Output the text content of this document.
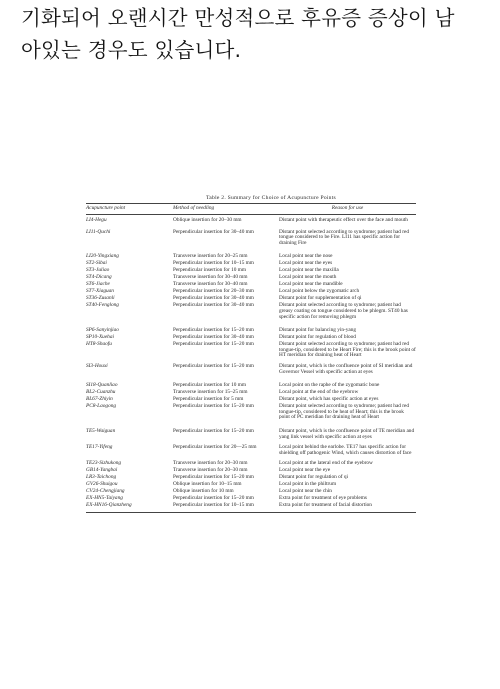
기화되어 오랜시간 만성적으로 후유증 증상이 남
아있는 경우도 있습니다.
Table 2. Summary for Choice of Acupuncture Points
Acupuncture point	Method of needling	Reason for use
LI4-Hegu	Oblique insertion for 20–30 mm	Distant point with therapeutic effect over the face and mouth
LI11-Quchi	Perpendicular insertion for 30–40 mm	Distant point selected according to syndrome; patient had red tongue considered to be Fire. LI11 has specific action for draining Fire
LI20-Yingxiang	Transverse insertion for 20–25 mm	Local point near the nose
ST2-Sibai	Perpendicular insertion for 10–15 mm	Local point near the eyes
ST3-Juliao	Perpendicular insertion for 10 mm	Local point near the maxilla
ST4-Dicang	Transverse insertion for 30–40 mm	Local point near the mouth
ST6-Jiache	Transverse insertion for 30–40 mm	Local point near the mandible
ST7-Xiaguan	Perpendicular insertion for 20–30 mm	Local point below the zygomatic arch
ST36-Zusanli	Perpendicular insertion for 30–40 mm	Distant point for supplementation of qi
ST40-Fenglong	Perpendicular insertion for 30–40 mm	Distant point selected according to syndrome; patient had greasy coating on tongue considered to be phlegm. ST40 has specific action for removing phlegm
SP6-Sanyinjiao	Perpendicular insertion for 15–20 mm	Distant point for balancing yin-yang
SP10-Xuehai	Perpendicular insertion for 30–40 mm	Distant point for regulation of blood
HT8-Shaofu	Perpendicular insertion for 15–20 mm	Distant point selected according to syndrome; patient had red tongue-tip, considered to be Heart Fire; this is the brook point of HT meridian for draining heat of Heart
SI3-Houxi	Perpendicular insertion for 15–20 mm	Distant point, which is the confluence point of SI meridian and Governor Vessel with specific action at eyes
SI18-Quanliao	Perpendicular insertion for 10 mm	Local point on the raphe of the zygomatic bone
BL2-Cuanzhu	Transverse insertion for 15–25 mm	Local point at the end of the eyebrow
BL67-Zhiyin	Perpendicular insertion for 5 mm	Distant point, which has specific action at eyes
PC8-Laogong	Perpendicular insertion for 15–20 mm	Distant point selected according to syndrome; patient had red tongue-tip, considered to be heat of Heart; this is the brook point of PC meridian for draining heat of Heart
TE5-Waiguan	Perpendicular insertion for 15–20 mm	Distant point, which is the confluence point of TE meridian and yang link vessel with specific action at eyes
TE17-Yifeng	Perpendicular insertion for 20—25 mm	Local point behind the earlobe. TE17 has specific action for shielding off pathogenic Wind, which causes distortion of face
TE23-Sizhukong	Transverse insertion for 20–30 mm	Local point at the lateral end of the eyebrow
GB14-Yangbai	Transverse insertion for 20–30 mm	Local point near the eye
LR3-Taichong	Perpendicular insertion for 15–20 mm	Distant point for regulation of qi
GV26-Shuigou	Oblique insertion for 10–15 mm	Local point in the philtrum
CV24-Chengjiang	Oblique insertion for 10 mm	Local point near the chin
EX-HN5-Taiyang	Perpendicular insertion for 15–20 mm	Extra point for treatment of eye problems
EX-HN16-Qianzheng	Perpendicular insertion for 10–15 mm	Extra point for treatment of facial distortion
